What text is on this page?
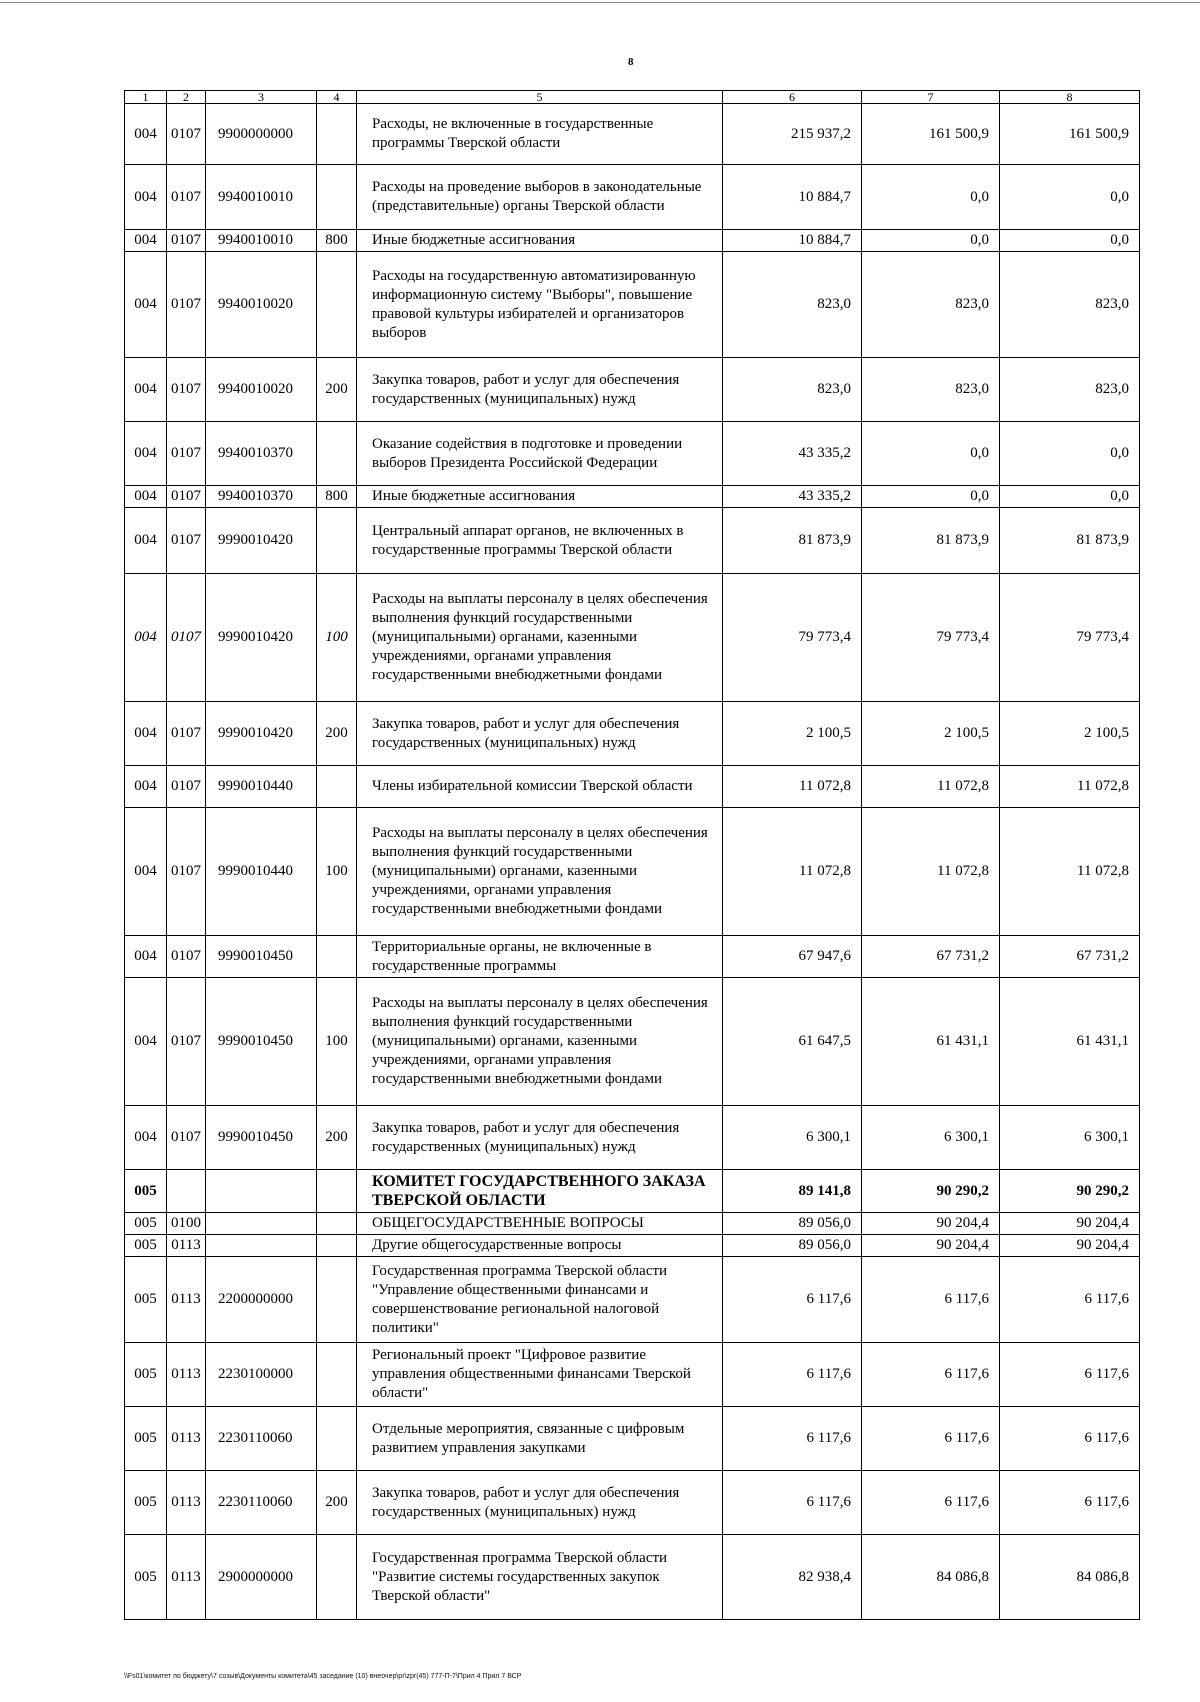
8
1	2	3	4	5	6	7	8
004	0107	9900000000		Расходы, не включенные в государственные программы Тверской области	215 937,2	161 500,9	161 500,9
004	0107	9940010010		Расходы на проведение выборов в законодательные (представительные) органы Тверской области	10 884,7	0,0	0,0
004	0107	9940010010	800	Иные бюджетные ассигнования	10 884,7	0,0	0,0
004	0107	9940010020		Расходы на государственную автоматизированную информационную систему "Выборы", повышение правовой культуры избирателей и организаторов выборов	823,0	823,0	823,0
004	0107	9940010020	200	Закупка товаров, работ и услуг для обеспечения государственных (муниципальных) нужд	823,0	823,0	823,0
004	0107	9940010370		Оказание содействия в подготовке и проведении выборов Президента Российской Федерации	43 335,2	0,0	0,0
004	0107	9940010370	800	Иные бюджетные ассигнования	43 335,2	0,0	0,0
004	0107	9990010420		Центральный аппарат органов, не включенных в государственные программы Тверской области	81 873,9	81 873,9	81 873,9
004	0107	9990010420	100	Расходы на выплаты персоналу в целях обеспечения выполнения функций государственными (муниципальными) органами, казенными учреждениями, органами управления государственными внебюджетными фондами	79 773,4	79 773,4	79 773,4
004	0107	9990010420	200	Закупка товаров, работ и услуг для обеспечения государственных (муниципальных) нужд	2 100,5	2 100,5	2 100,5
004	0107	9990010440		Члены избирательной комиссии Тверской области	11 072,8	11 072,8	11 072,8
004	0107	9990010440	100	Расходы на выплаты персоналу в целях обеспечения выполнения функций государственными (муниципальными) органами, казенными учреждениями, органами управления государственными внебюджетными фондами	11 072,8	11 072,8	11 072,8
004	0107	9990010450		Территориальные органы, не включенные в государственные программы	67 947,6	67 731,2	67 731,2
004	0107	9990010450	100	Расходы на выплаты персоналу в целях обеспечения выполнения функций государственными (муниципальными) органами, казенными учреждениями, органами управления государственными внебюджетными фондами	61 647,5	61 431,1	61 431,1
004	0107	9990010450	200	Закупка товаров, работ и услуг для обеспечения государственных (муниципальных) нужд	6 300,1	6 300,1	6 300,1
005				КОМИТЕТ ГОСУДАРСТВЕННОГО ЗАКАЗА ТВЕРСКОЙ ОБЛАСТИ	89 141,8	90 290,2	90 290,2
005	0100			ОБЩЕГОСУДАРСТВЕННЫЕ ВОПРОСЫ	89 056,0	90 204,4	90 204,4
005	0113			Другие общегосударственные вопросы	89 056,0	90 204,4	90 204,4
005	0113	2200000000		Государственная программа Тверской области "Управление общественными финансами и совершенствование региональной налоговой политики"	6 117,6	6 117,6	6 117,6
005	0113	2230100000		Региональный проект "Цифровое развитие управления общественными финансами Тверской области"	6 117,6	6 117,6	6 117,6
005	0113	2230110060		Отдельные мероприятия, связанные с цифровым развитием управления закупками	6 117,6	6 117,6	6 117,6
005	0113	2230110060	200	Закупка товаров, работ и услуг для обеспечения государственных (муниципальных) нужд	6 117,6	6 117,6	6 117,6
005	0113	2900000000		Государственная программа Тверской области "Развитие системы государственных закупок Тверской области"	82 938,4	84 086,8	84 086,8
\\Fs01\комитет по бюджету\7 созыв\Документы комитета\45 заседание (10) внеочер\pr\zpr(45) 777-П-7\Прил 4 Прил 7 ВСР
